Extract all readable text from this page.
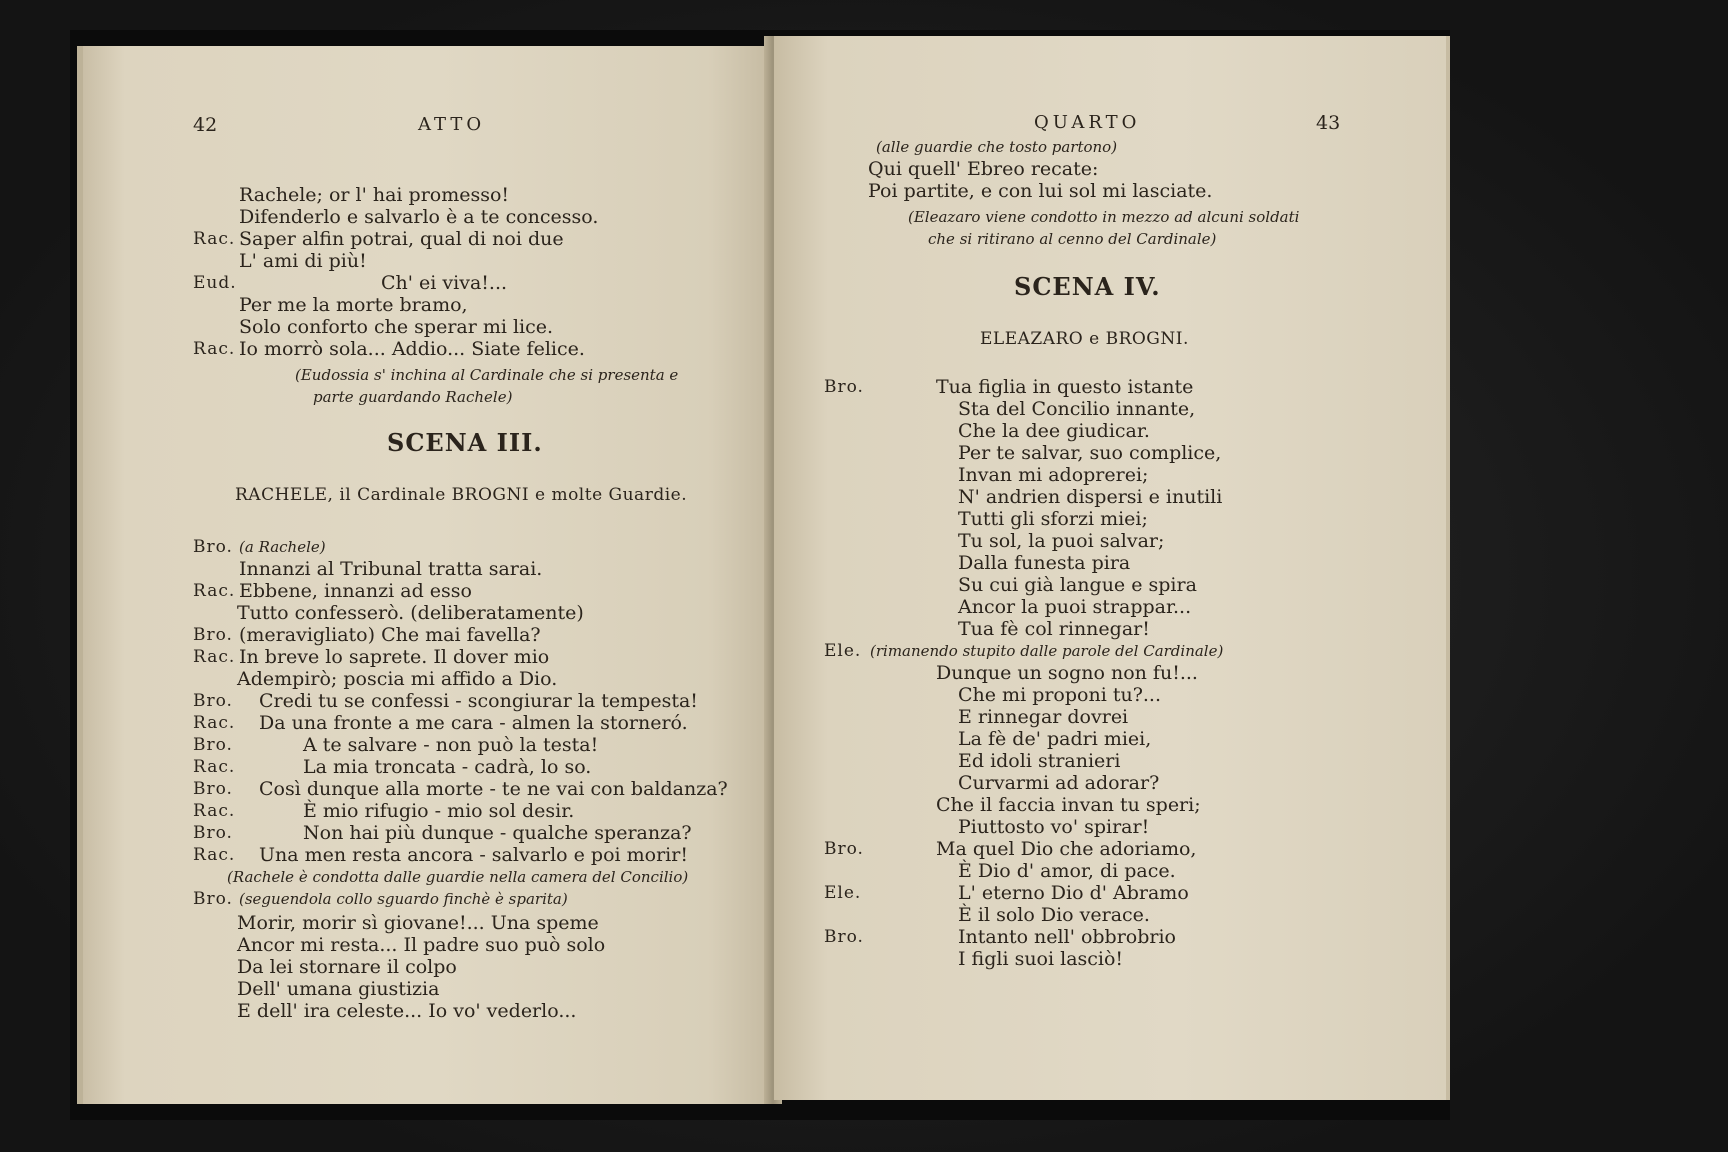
42	ATTO
Rachele; or l' hai promesso!
Difenderlo e salvarlo è a te concesso.
Rac. Saper alfin potrai, qual di noi due
L' ami di più!
Eud.	Ch' ei viva!...
Per me la morte bramo,
Solo conforto che sperar mi lice.
Rac. Io morrò sola... Addio... Siate felice.
(Eudossia s' inchina al Cardinale che si presenta e
parte guardando Rachele)
SCENA III.
RACHELE, il Cardinale BROGNI e molte Guardie.
Bro. (a Rachele)
Innanzi al Tribunal tratta sarai.
Rac. Ebbene, innanzi ad esso
Tutto confesserò. (deliberatamente)
Bro. (meravigliato) Che mai favella?
Rac. In breve lo saprete. Il dover mio
Adempirò; poscia mi affido a Dio.
Bro. Credi tu se confessi - scongiurar la tempesta!
Rac. Da una fronte a me cara - almen la storneró.
Bro.	A te salvare - non può la testa!
Rac.	La mia troncata - cadrà, lo so.
Bro. Così dunque alla morte - te ne vai con baldanza?
Rac.	È mio rifugio - mio sol desir.
Bro.	Non hai più dunque - qualche speranza?
Rac. Una men resta ancora - salvarlo e poi morir!
(Rachele è condotta dalle guardie nella camera del Concilio)
Bro. (seguendola collo sguardo finchè è sparita)
Morir, morir sì giovane!... Una speme
Ancor mi resta... Il padre suo può solo
Da lei stornare il colpo
Dell' umana giustizia
E dell' ira celeste... Io vo' vederlo...
QUARTO	43
(alle guardie che tosto partono)
Qui quell' Ebreo recate:
Poi partite, e con lui sol mi lasciate.
(Eleazaro viene condotto in mezzo ad alcuni soldati
che si ritirano al cenno del Cardinale)
SCENA IV.
ELEAZARO e BROGNI.
Bro.	Tua figlia in questo istante
Sta del Concilio innante,
Che la dee giudicar.
Per te salvar, suo complice,
Invan mi adoprerei;
N' andrien dispersi e inutili
Tutti gli sforzi miei;
Tu sol, la puoi salvar;
Dalla funesta pira
Su cui già langue e spira
Ancor la puoi strappar...
Tua fè col rinnegar!
Ele. (rimanendo stupito dalle parole del Cardinale)
Dunque un sogno non fu!...
Che mi proponi tu?...
E rinnegar dovrei
La fè de' padri miei,
Ed idoli stranieri
Curvarmi ad adorar?
Che il faccia invan tu speri;
Piuttosto vo' spirar!
Bro.	Ma quel Dio che adoriamo,
È Dio d' amor, di pace.
Ele.	L' eterno Dio d' Abramo
È il solo Dio verace.
Bro.	Intanto nell' obbrobrio
I figli suoi lasciò!
